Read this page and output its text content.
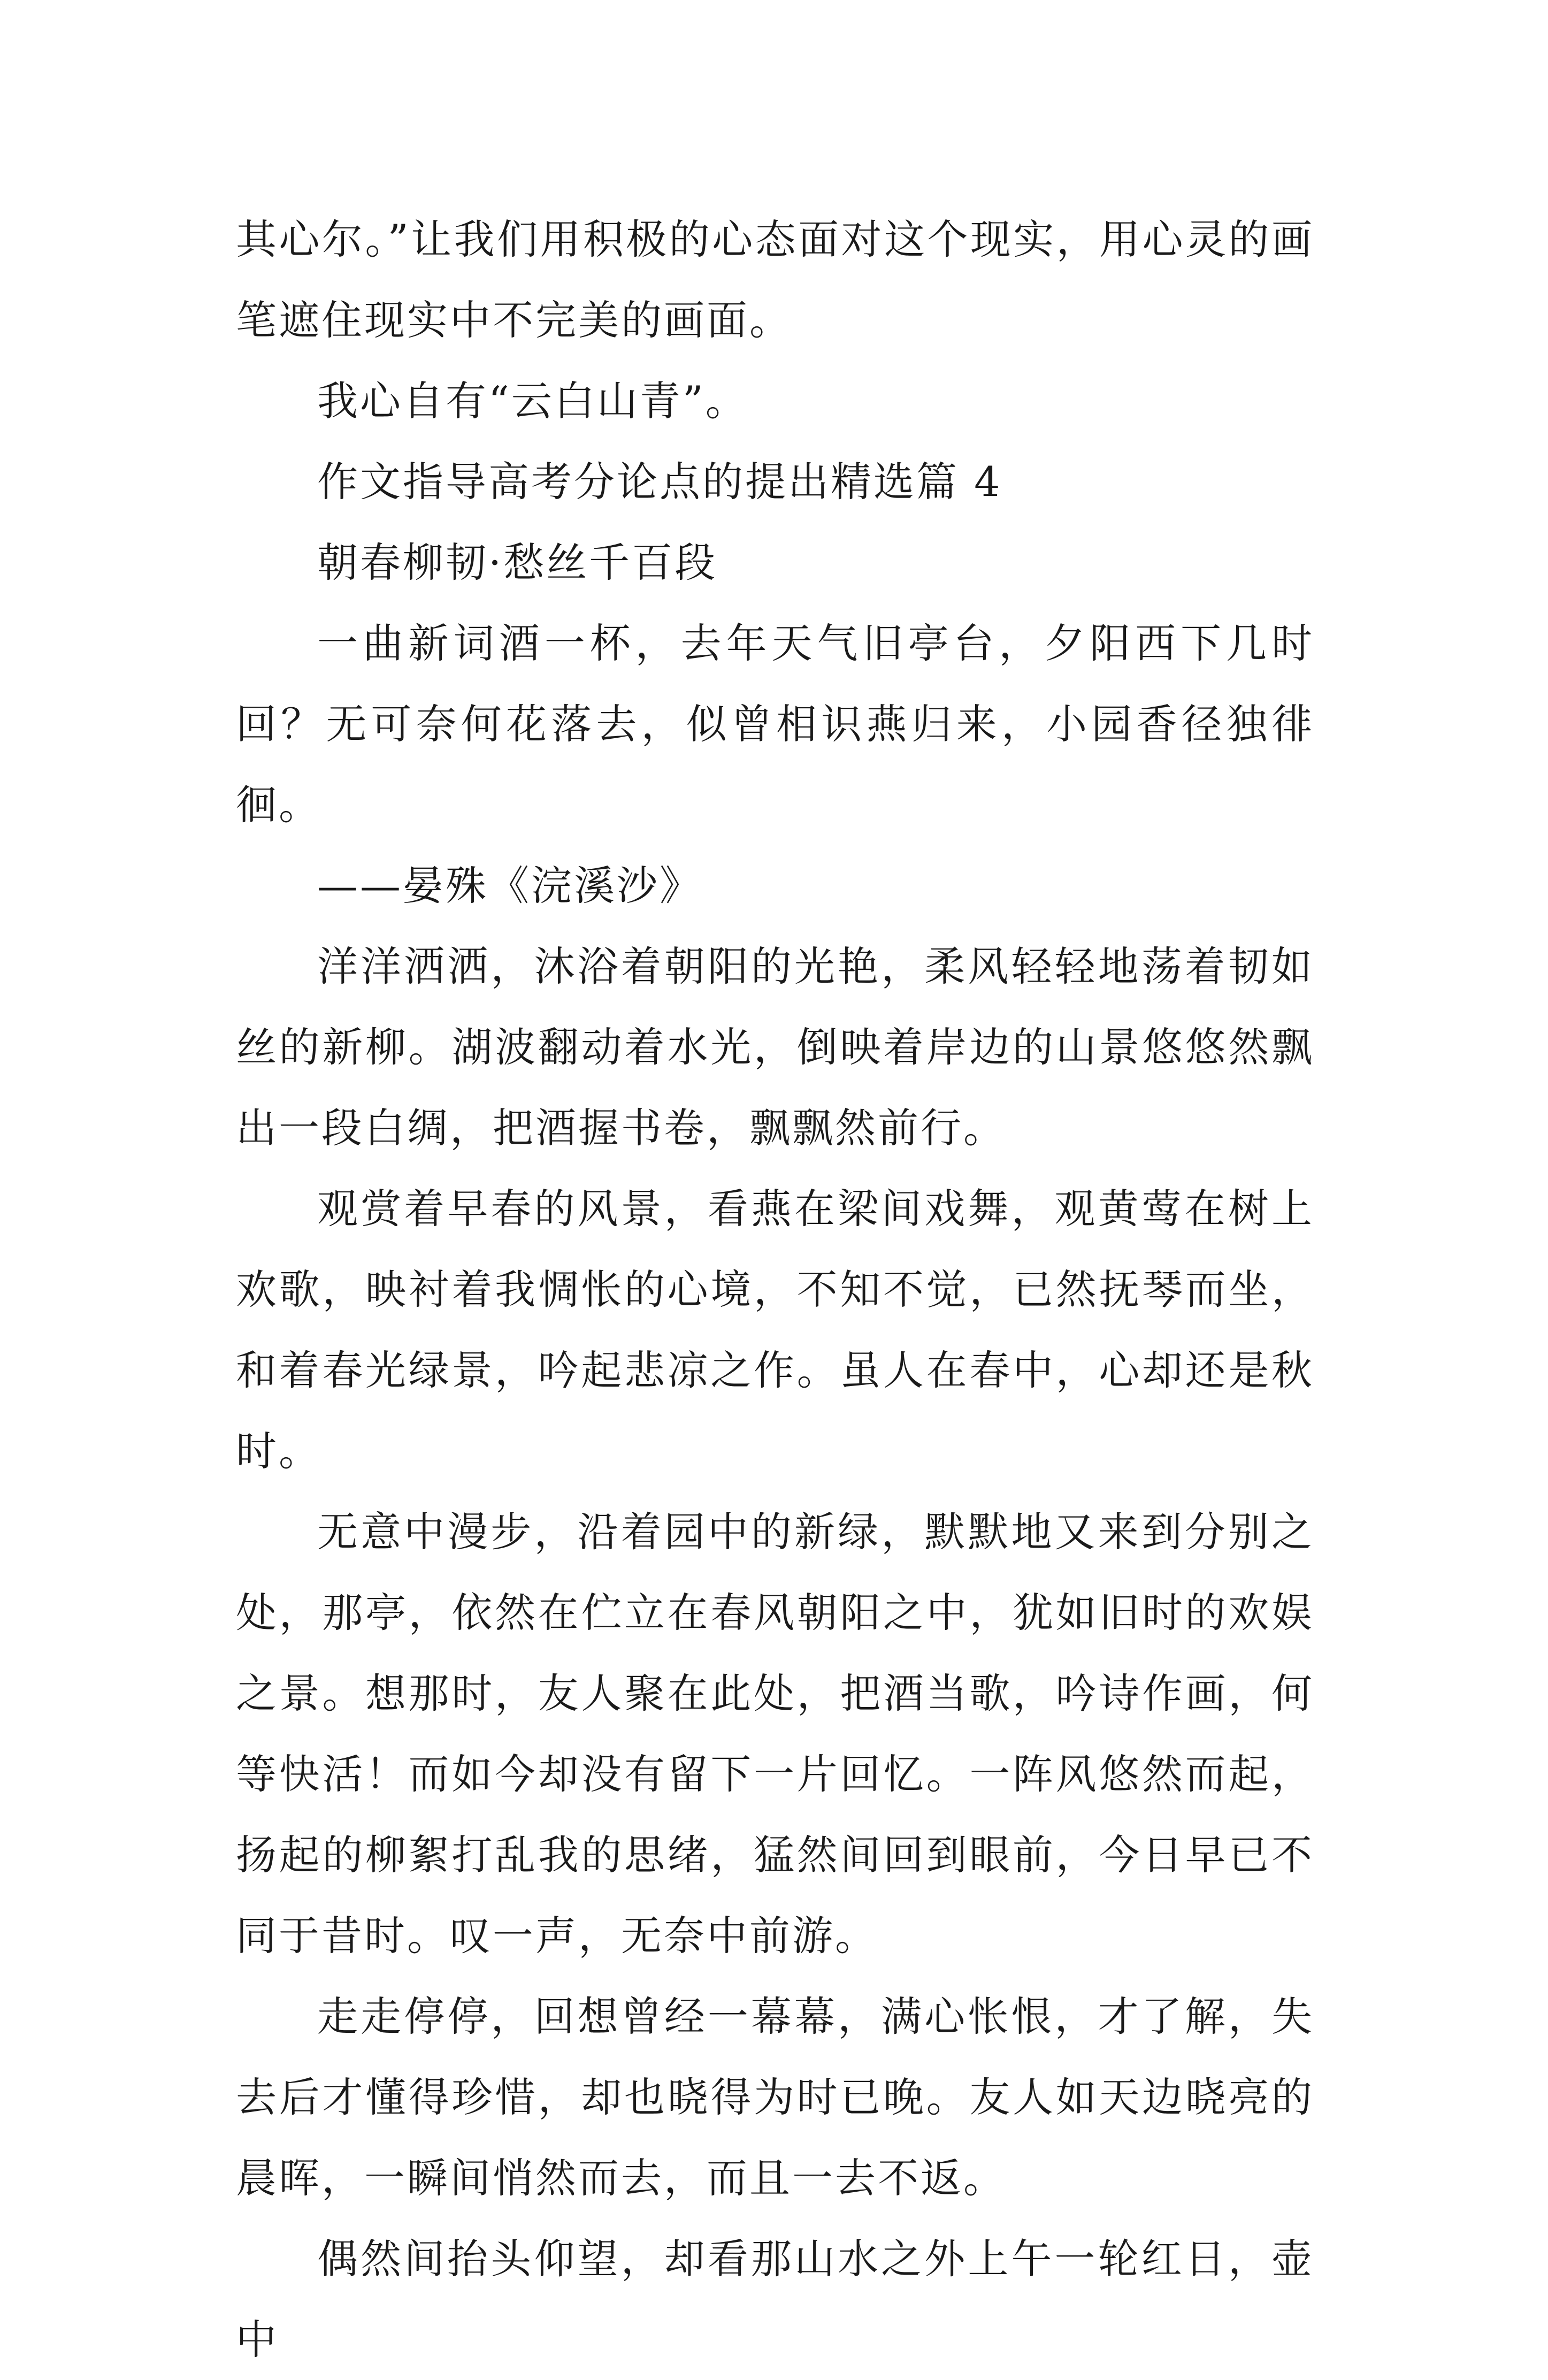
其心尔。”让我们用积极的心态面对这个现实，用心灵的画笔遮住现实中不完美的画面。

我心自有“云白山青”。

作文指导高考分论点的提出精选篇 4

朝春柳韧·愁丝千百段

一曲新词酒一杯，去年天气旧亭台，夕阳西下几时回？无可奈何花落去，似曾相识燕归来，小园香径独徘徊。

——晏殊《浣溪沙》

洋洋洒洒，沐浴着朝阳的光艳，柔风轻轻地荡着韧如丝的新柳。湖波翻动着水光，倒映着岸边的山景悠悠然飘出一段白绸，把酒握书卷，飘飘然前行。

观赏着早春的风景，看燕在梁间戏舞，观黄莺在树上欢歌，映衬着我惆怅的心境，不知不觉，已然抚琴而坐，和着春光绿景，吟起悲凉之作。虽人在春中，心却还是秋时。

无意中漫步，沿着园中的新绿，默默地又来到分别之处，那亭，依然在伫立在春风朝阳之中，犹如旧时的欢娱之景。想那时，友人聚在此处，把酒当歌，吟诗作画，何等快活！而如今却没有留下一片回忆。一阵风悠然而起，扬起的柳絮打乱我的思绪，猛然间回到眼前，今日早已不同于昔时。叹一声，无奈中前游。

走走停停，回想曾经一幕幕，满心怅恨，才了解，失去后才懂得珍惜，却也晓得为时已晚。友人如天边晓亮的晨晖，一瞬间悄然而去，而且一去不返。

偶然间抬头仰望，却看那山水之外上午一轮红日，壶中
